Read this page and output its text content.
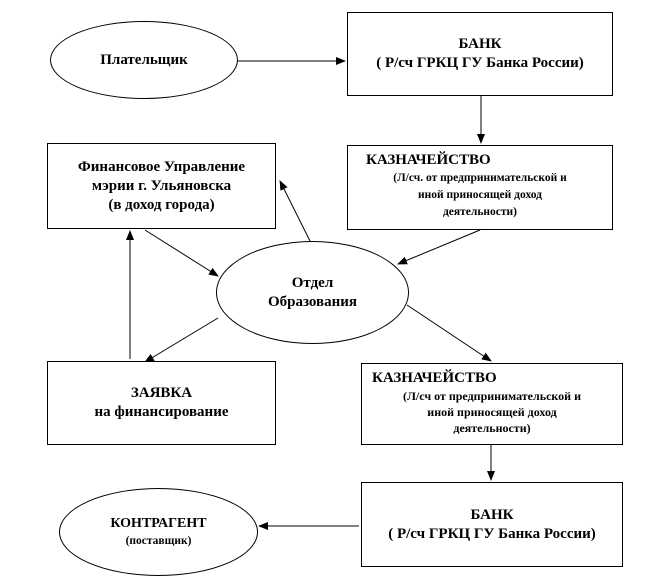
Плательщик
БАНК
( Р/сч ГРКЦ ГУ Банка России)
Финансовое Управление
мэрии г. Ульяновска
(в доход города)
КАЗНАЧЕЙСТВО
(Л/сч. от предпринимательской и
иной приносящей доход
деятельности)
Отдел
Образования
ЗАЯВКА
на финансирование
КАЗНАЧЕЙСТВО
(Л/сч от предпринимательской и
иной приносящей доход
деятельности)
КОНТРАГЕНТ
(поставщик)
БАНК
( Р/сч ГРКЦ ГУ Банка России)
